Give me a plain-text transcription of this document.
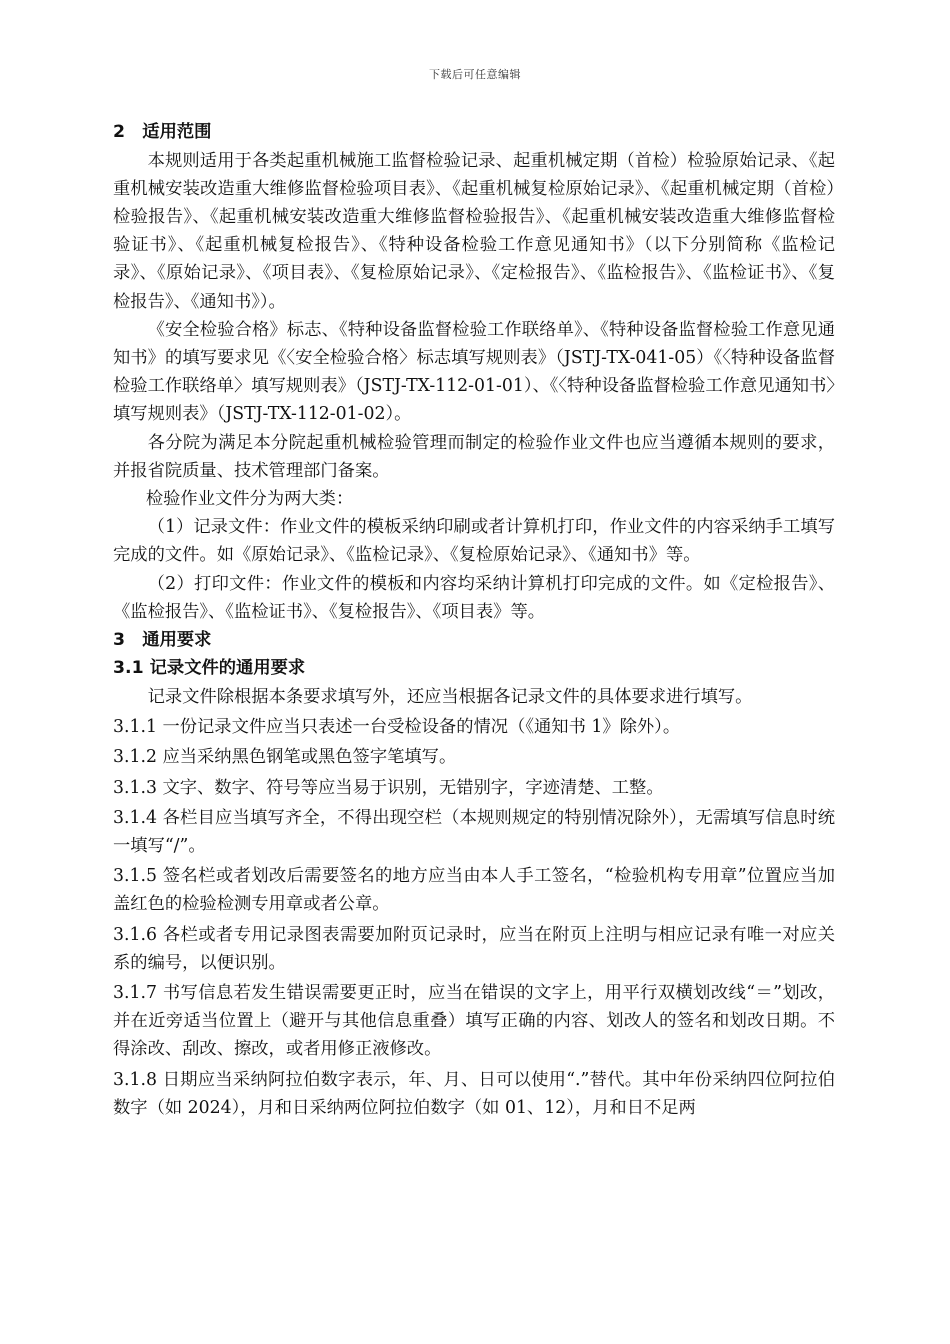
下载后可任意编辑

2　适用范围

本规则适用于各类起重机械施工监督检验记录、起重机械定期（首检）检验原始记录、《起重机械安装改造重大维修监督检验项目表》、《起重机械复检原始记录》、《起重机械定期（首检）检验报告》、《起重机械安装改造重大维修监督检验报告》、《起重机械安装改造重大维修监督检验证书》、《起重机械复检报告》、《特种设备检验工作意见通知书》（以下分别简称《监检记录》、《原始记录》、《项目表》、《复检原始记录》、《定检报告》、《监检报告》、《监检证书》、《复检报告》、《通知书》）。

《安全检验合格》标志、《特种设备监督检验工作联络单》、《特种设备监督检验工作意见通知书》的填写要求见《〈安全检验合格〉标志填写规则表》（JSTJ-TX-041-05）《〈特种设备监督检验工作联络单〉填写规则表》（JSTJ-TX-112-01-01）、《〈特种设备监督检验工作意见通知书〉填写规则表》（JSTJ-TX-112-01-02）。

各分院为满足本分院起重机械检验管理而制定的检验作业文件也应当遵循本规则的要求，并报省院质量、技术管理部门备案。

检验作业文件分为两大类：

（1）记录文件：作业文件的模板采纳印刷或者计算机打印，作业文件的内容采纳手工填写完成的文件。如《原始记录》、《监检记录》、《复检原始记录》、《通知书》等。

（2）打印文件：作业文件的模板和内容均采纳计算机打印完成的文件。如《定检报告》、《监检报告》、《监检证书》、《复检报告》、《项目表》等。

3　通用要求

3.1 记录文件的通用要求

记录文件除根据本条要求填写外，还应当根据各记录文件的具体要求进行填写。

3.1.1 一份记录文件应当只表述一台受检设备的情况（《通知书 1》除外）。

3.1.2 应当采纳黑色钢笔或黑色签字笔填写。

3.1.3 文字、数字、符号等应当易于识别，无错别字，字迹清楚、工整。

3.1.4 各栏目应当填写齐全，不得出现空栏（本规则规定的特别情况除外），无需填写信息时统一填写“/”。

3.1.5 签名栏或者划改后需要签名的地方应当由本人手工签名，“检验机构专用章”位置应当加盖红色的检验检测专用章或者公章。

3.1.6 各栏或者专用记录图表需要加附页记录时，应当在附页上注明与相应记录有唯一对应关系的编号，以便识别。

3.1.7 书写信息若发生错误需要更正时，应当在错误的文字上，用平行双横划改线“＝”划改，并在近旁适当位置上（避开与其他信息重叠）填写正确的内容、划改人的签名和划改日期。不得涂改、刮改、擦改，或者用修正液修改。

3.1.8 日期应当采纳阿拉伯数字表示，年、月、日可以使用“.”替代。其中年份采纳四位阿拉伯数字（如 2024），月和日采纳两位阿拉伯数字（如 01、12），月和日不足两
